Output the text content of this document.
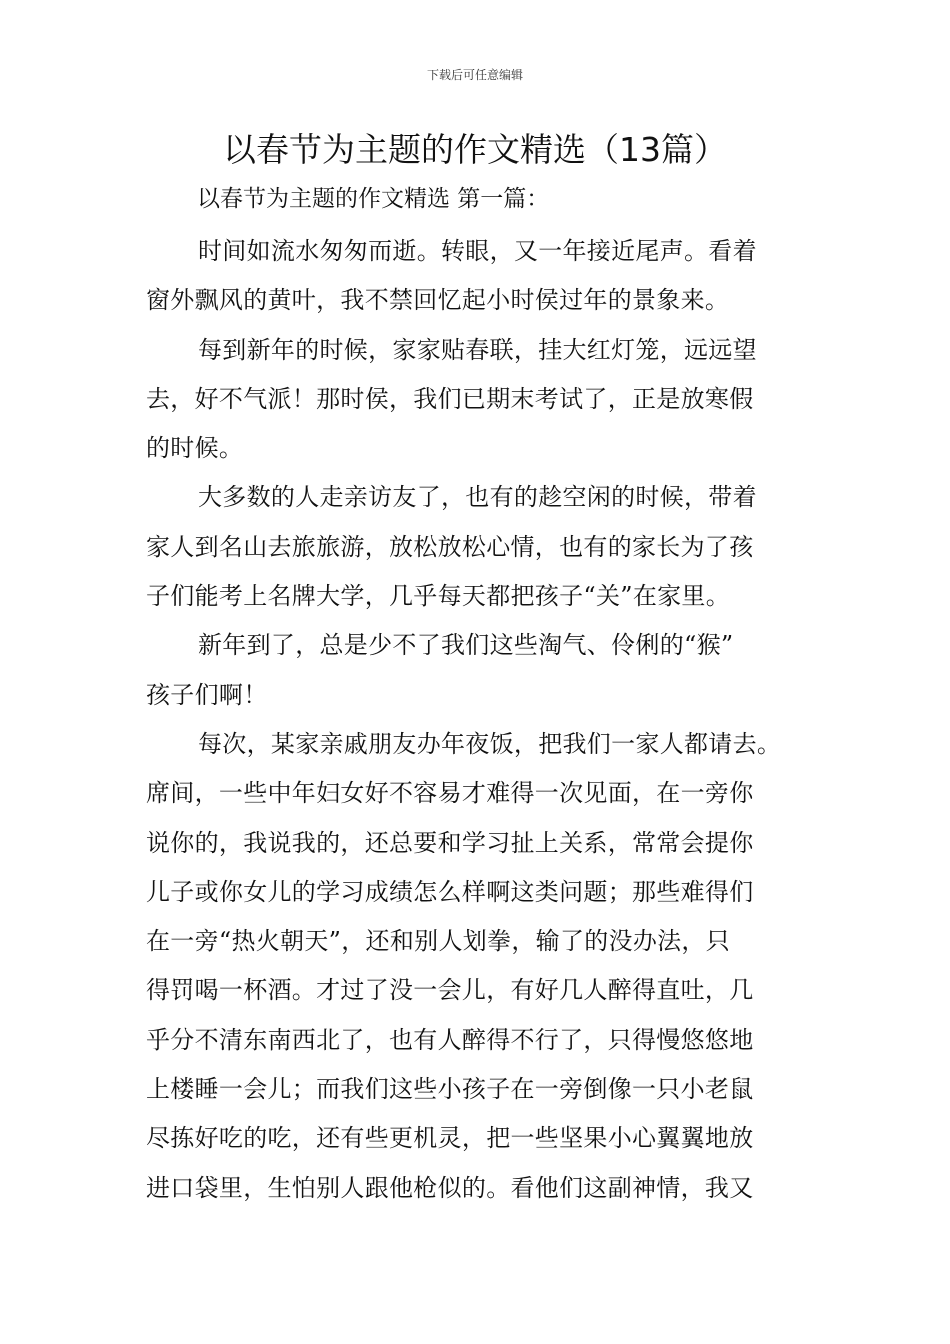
下载后可任意编辑
以春节为主题的作文精选（13篇）
以春节为主题的作文精选 第一篇：
时间如流水匆匆而逝。转眼，又一年接近尾声。看着
窗外飘风的黄叶，我不禁回忆起小时侯过年的景象来。
每到新年的时候，家家贴春联，挂大红灯笼，远远望
去，好不气派！那时侯，我们已期末考试了，正是放寒假
的时候。
大多数的人走亲访友了，也有的趁空闲的时候，带着
家人到名山去旅旅游，放松放松心情，也有的家长为了孩
子们能考上名牌大学，几乎每天都把孩子“关”在家里。
新年到了，总是少不了我们这些淘气、伶俐的“猴”
孩子们啊！
每次，某家亲戚朋友办年夜饭，把我们一家人都请去。
席间，一些中年妇女好不容易才难得一次见面，在一旁你
说你的，我说我的，还总要和学习扯上关系，常常会提你
儿子或你女儿的学习成绩怎么样啊这类问题；那些难得们
在一旁“热火朝天”，还和别人划拳，输了的没办法，只
得罚喝一杯酒。才过了没一会儿，有好几人醉得直吐，几
乎分不清东南西北了，也有人醉得不行了，只得慢悠悠地
上楼睡一会儿；而我们这些小孩子在一旁倒像一只小老鼠
尽拣好吃的吃，还有些更机灵，把一些坚果小心翼翼地放
进口袋里，生怕别人跟他枪似的。看他们这副神情，我又
